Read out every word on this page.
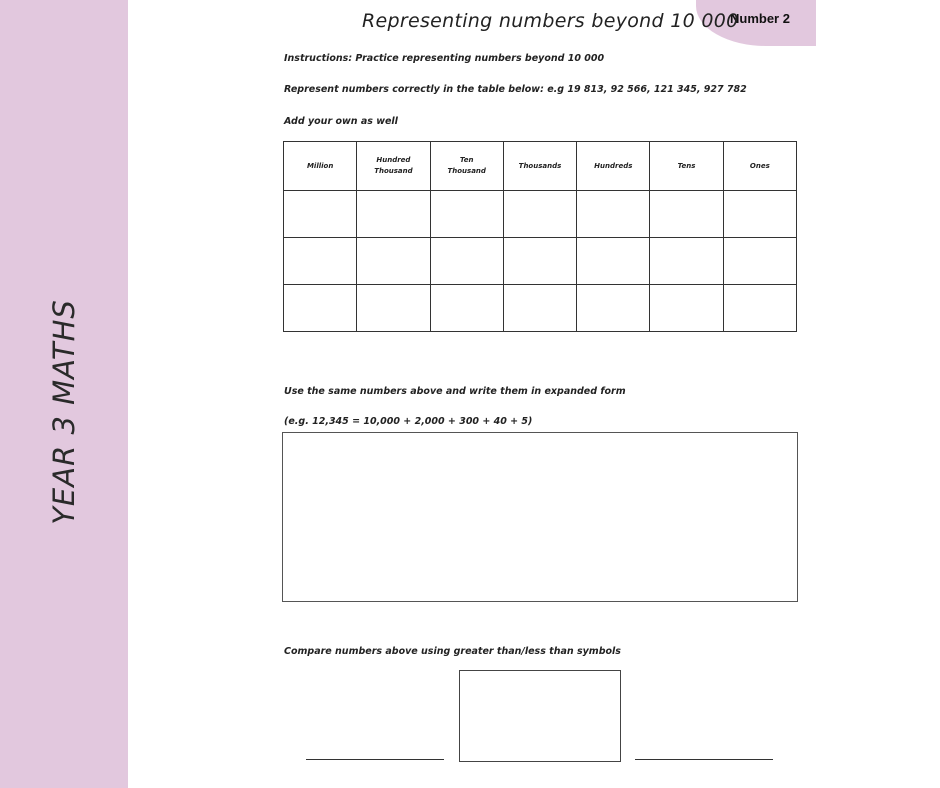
YEAR 3 MATHS
Number 2
Representing numbers beyond 10 000
Instructions: Practice representing numbers beyond 10 000
Represent numbers correctly in the table below: e.g 19 813, 92 566, 121 345, 927 782
Add your own as well
Million	Hundred Thousand	Ten Thousand	Thousands	Hundreds	Tens	Ones

Use the same numbers above and write them in expanded form
(e.g. 12,345 = 10,000 + 2,000 + 300 + 40 + 5)
Compare numbers above using greater than/less than symbols
